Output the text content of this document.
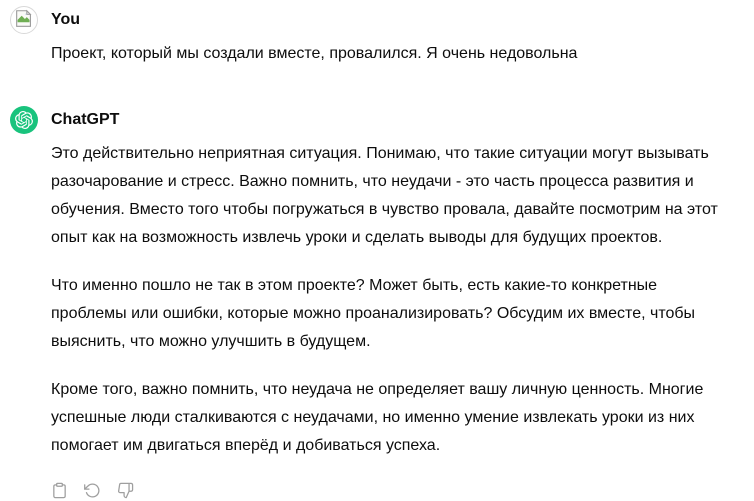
You
Проект, который мы создали вместе, провалился. Я очень недовольна
ChatGPT

Это действительно неприятная ситуация. Понимаю, что такие ситуации могут вызывать разочарование и стресс. Важно помнить, что неудачи - это часть процесса развития и обучения. Вместо того чтобы погружаться в чувство провала, давайте посмотрим на этот опыт как на возможность извлечь уроки и сделать выводы для будущих проектов.

Что именно пошло не так в этом проекте? Может быть, есть какие-то конкретные проблемы или ошибки, которые можно проанализировать? Обсудим их вместе, чтобы выяснить, что можно улучшить в будущем.

Кроме того, важно помнить, что неудача не определяет вашу личную ценность. Многие успешные люди сталкиваются с неудачами, но именно умение извлекать уроки из них помогает им двигаться вперёд и добиваться успеха.
